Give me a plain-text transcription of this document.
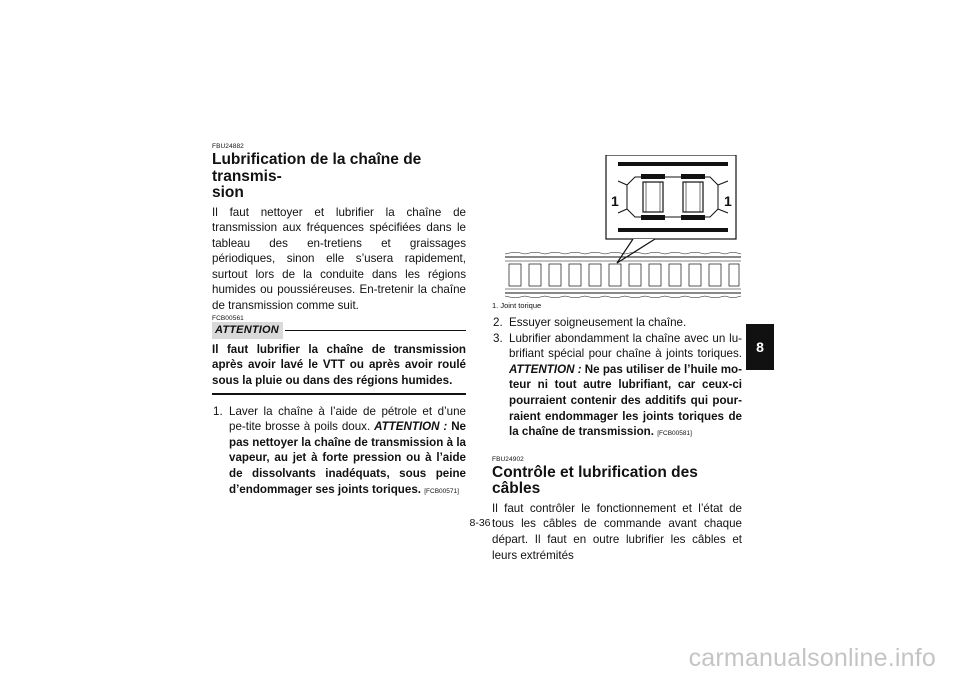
FBU24882
Lubrification de la chaîne de transmis-
sion
Il faut nettoyer et lubrifier la chaîne de transmission aux fréquences spécifiées dans le tableau des en-tretiens et graissages périodiques, sinon elle s’usera rapidement, surtout lors de la conduite dans les régions humides ou poussiéreuses. En-tretenir la chaîne de transmission comme suit.
FCB00561
ATTENTION
Il faut lubrifier la chaîne de transmission après avoir lavé le VTT ou après avoir roulé sous la pluie ou dans des régions humides.
1. Laver la chaîne à l’aide de pétrole et d’une pe-tite brosse à poils doux. ATTENTION : Ne pas nettoyer la chaîne de transmission à la vapeur, au jet à forte pression ou à l’aide de dissolvants inadéquats, sous peine d’endommager ses joints toriques. [FCB00571]
1	1
1. Joint torique
2. Essuyer soigneusement la chaîne.
3. Lubrifier abondamment la chaîne avec un lu-brifiant spécial pour chaîne à joints toriques. ATTENTION : Ne pas utiliser de l’huile mo-teur ni tout autre lubrifiant, car ceux-ci pourraient contenir des additifs qui pour-raient endommager les joints toriques de la chaîne de transmission. [FCB00581]
FBU24902
Contrôle et lubrification des câbles
Il faut contrôler le fonctionnement et l’état de tous les câbles de commande avant chaque départ. Il faut en outre lubrifier les câbles et leurs extrémités
8-36
8
carmanualsonline.info
